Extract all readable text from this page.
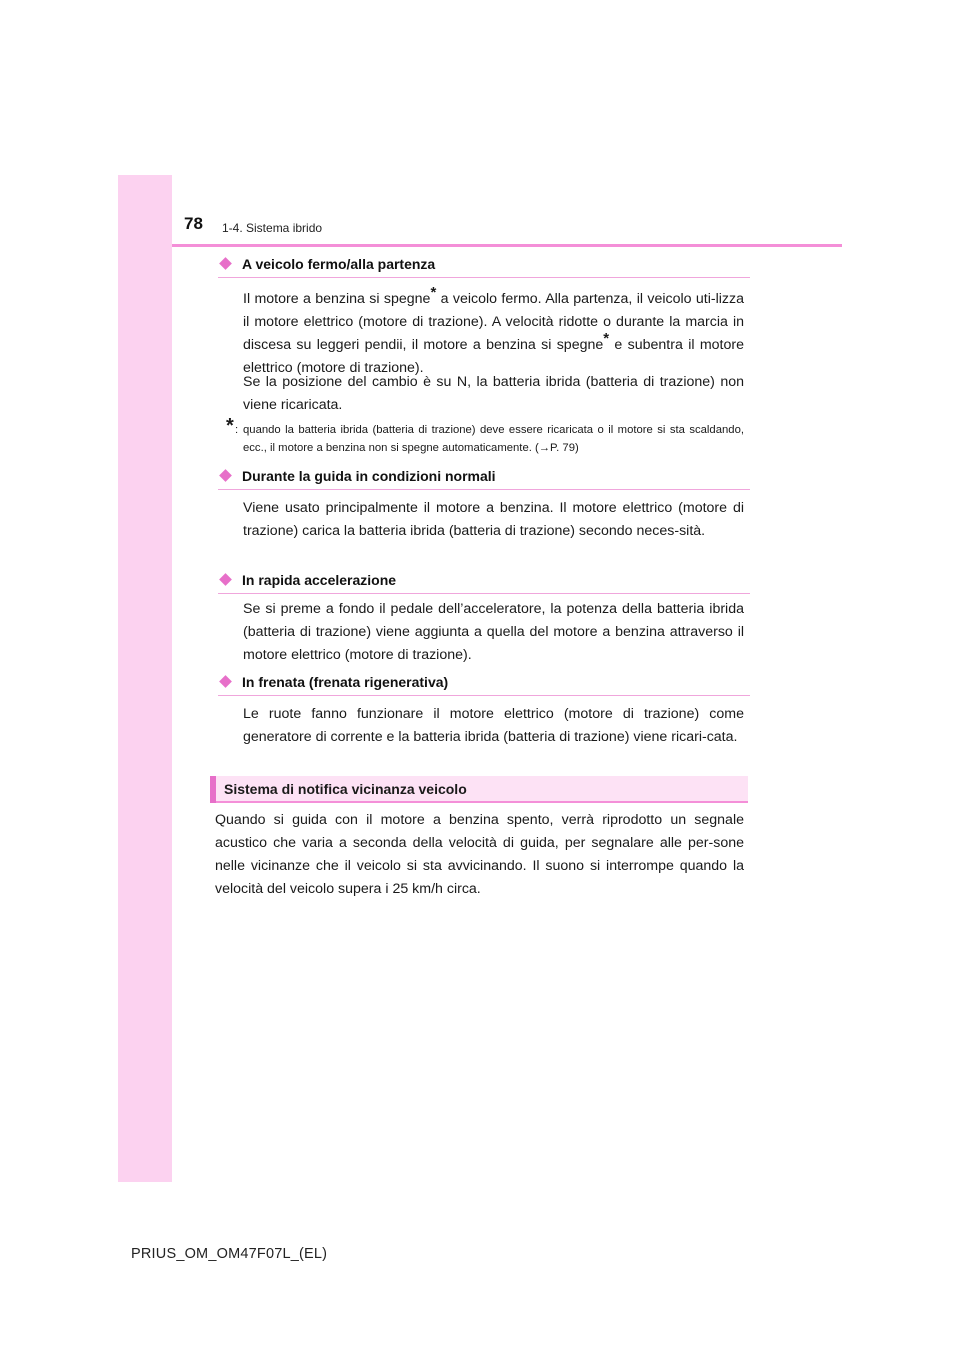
78 1-4. Sistema ibrido
A veicolo fermo/alla partenza

Il motore a benzina si spegne* a veicolo fermo. Alla partenza, il veicolo uti-lizza il motore elettrico (motore di trazione). A velocità ridotte o durante la marcia in discesa su leggeri pendii, il motore a benzina si spegne* e subentra il motore elettrico (motore di trazione).

Se la posizione del cambio è su N, la batteria ibrida (batteria di trazione) non viene ricaricata.

* : quando la batteria ibrida (batteria di trazione) deve essere ricaricata o il motore si sta scaldando, ecc., il motore a benzina non si spegne automaticamente. (→P. 79)
Durante la guida in condizioni normali

Viene usato principalmente il motore a benzina. Il motore elettrico (motore di trazione) carica la batteria ibrida (batteria di trazione) secondo neces-sità.

In rapida accelerazione

Se si preme a fondo il pedale dell’acceleratore, la potenza della batteria ibrida (batteria di trazione) viene aggiunta a quella del motore a benzina attraverso il motore elettrico (motore di trazione).

In frenata (frenata rigenerativa)

Le ruote fanno funzionare il motore elettrico (motore di trazione) come generatore di corrente e la batteria ibrida (batteria di trazione) viene ricari-cata.

Sistema di notifica vicinanza veicolo

Quando si guida con il motore a benzina spento, verrà riprodotto un segnale acustico che varia a seconda della velocità di guida, per segnalare alle per-sone nelle vicinanze che il veicolo si sta avvicinando. Il suono si interrompe quando la velocità del veicolo supera i 25 km/h circa.

PRIUS_OM_OM47F07L_(EL)
